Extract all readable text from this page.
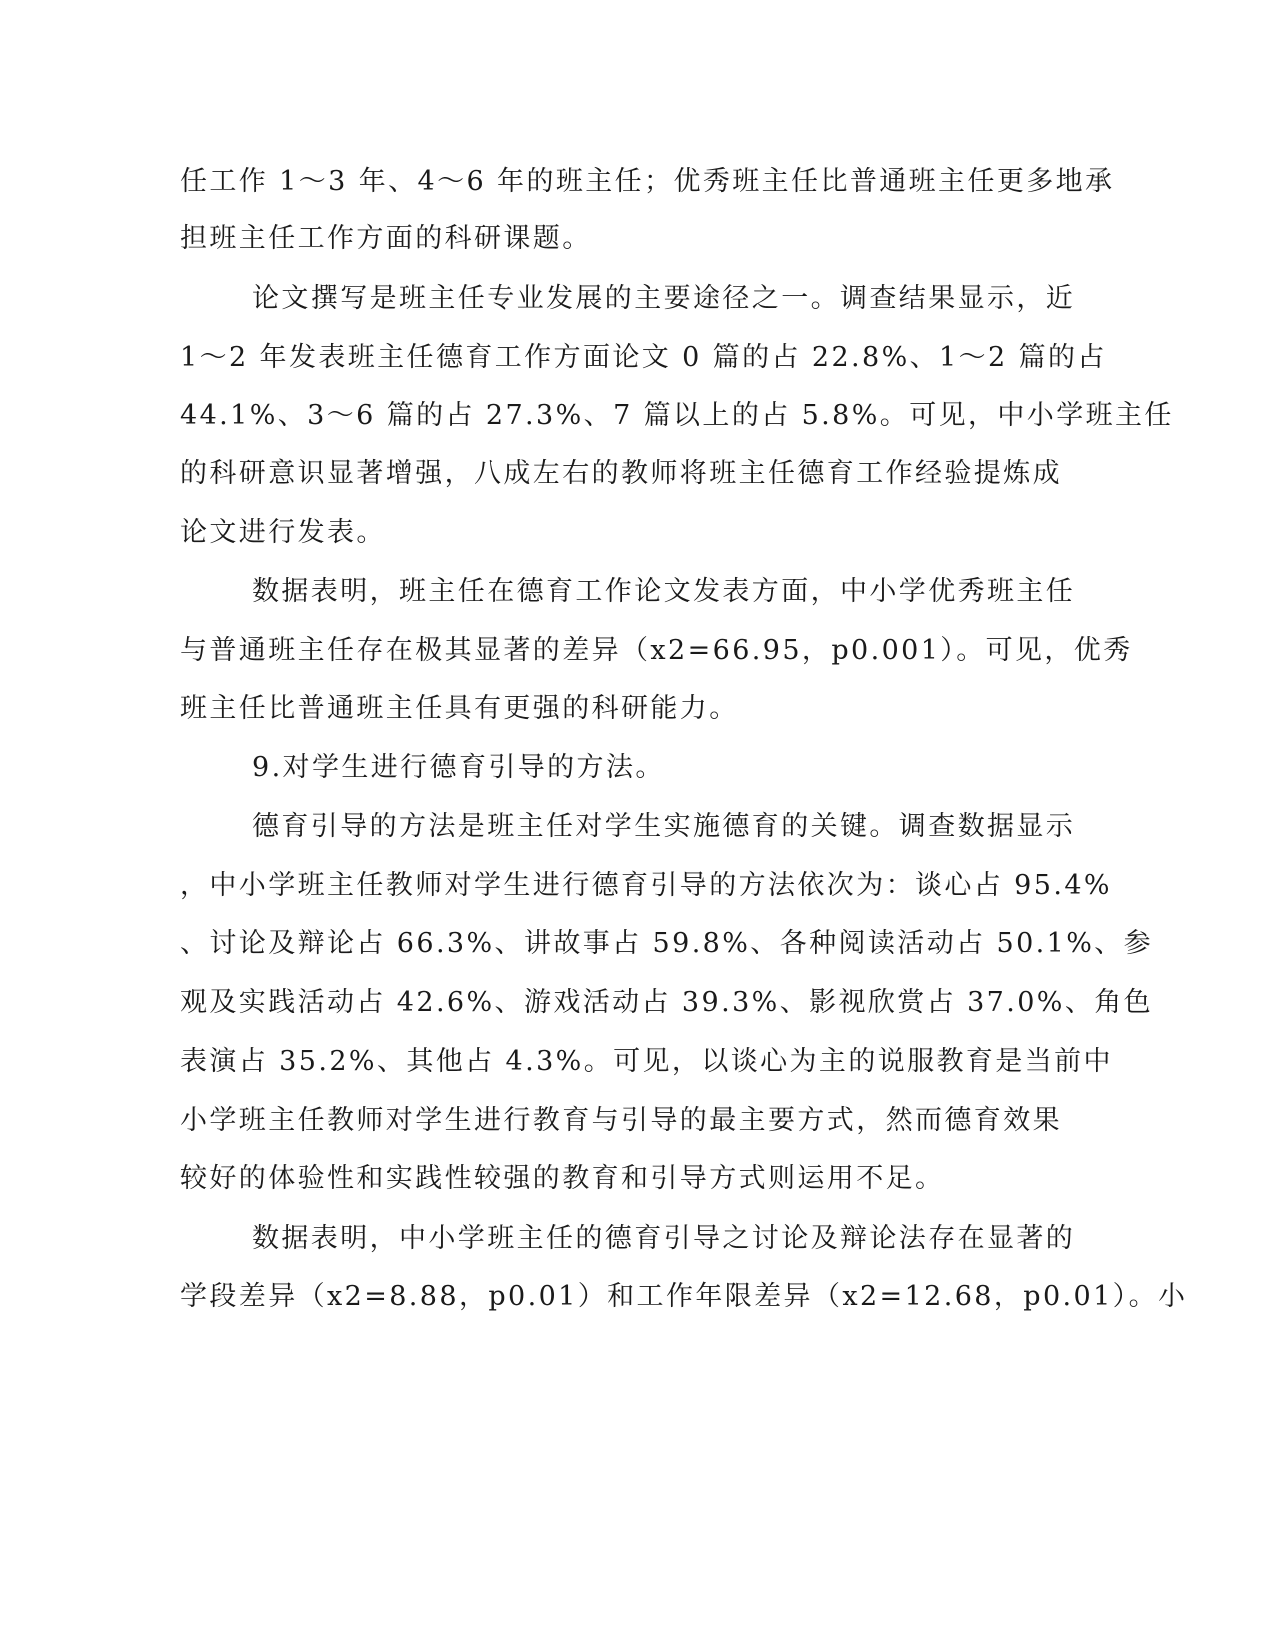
任工作 1～3 年、4～6 年的班主任；优秀班主任比普通班主任更多地承
担班主任工作方面的科研课题。
论文撰写是班主任专业发展的主要途径之一。调查结果显示，近
1～2 年发表班主任德育工作方面论文 0 篇的占 22.8%、1～2 篇的占
44.1%、3～6 篇的占 27.3%、7 篇以上的占 5.8%。可见，中小学班主任
的科研意识显著增强，八成左右的教师将班主任德育工作经验提炼成
论文进行发表。
数据表明，班主任在德育工作论文发表方面，中小学优秀班主任
与普通班主任存在极其显著的差异（x2=66.95，p0.001）。可见，优秀
班主任比普通班主任具有更强的科研能力。
9.对学生进行德育引导的方法。
德育引导的方法是班主任对学生实施德育的关键。调查数据显示
，中小学班主任教师对学生进行德育引导的方法依次为：谈心占 95.4%
、讨论及辩论占 66.3%、讲故事占 59.8%、各种阅读活动占 50.1%、参
观及实践活动占 42.6%、游戏活动占 39.3%、影视欣赏占 37.0%、角色
表演占 35.2%、其他占 4.3%。可见，以谈心为主的说服教育是当前中
小学班主任教师对学生进行教育与引导的最主要方式，然而德育效果
较好的体验性和实践性较强的教育和引导方式则运用不足。
数据表明，中小学班主任的德育引导之讨论及辩论法存在显著的
学段差异（x2=8.88，p0.01）和工作年限差异（x2=12.68，p0.01）。小
